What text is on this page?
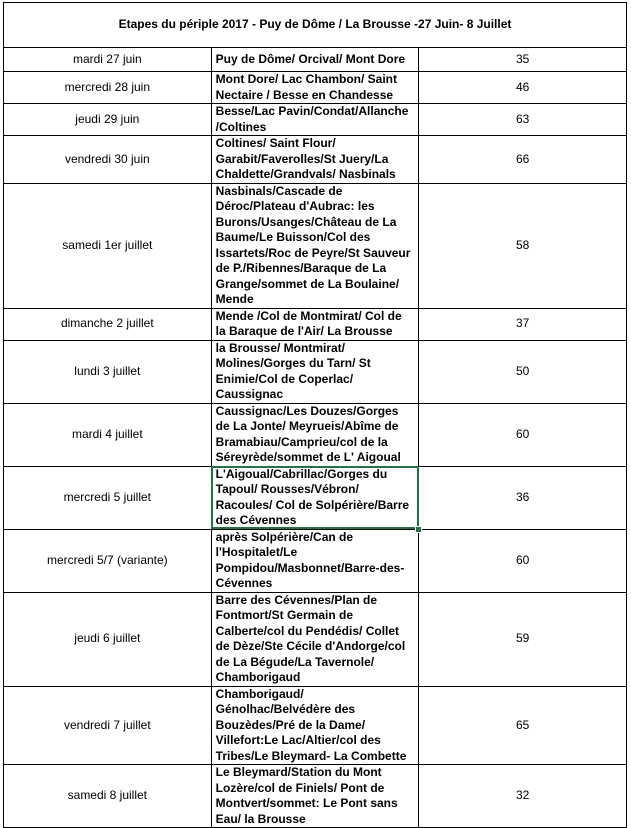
Etapes du périple 2017 - Puy de Dôme / La Brousse -27 Juin- 8 Juillet		
mardi 27 juin	Puy de Dôme/ Orcival/ Mont Dore	35
mercredi 28 juin	Mont Dore/ Lac Chambon/ Saint Nectaire / Besse en Chandesse	46
jeudi 29 juin	Besse/Lac Pavin/Condat/Allanche /Coltines	63
vendredi 30 juin	Coltines/ Saint Flour/ Garabit/Faverolles/St Juery/La Chaldette/Grandvals/ Nasbinals	66
samedi 1er juillet	Nasbinals/Cascade de Déroc/Plateau d'Aubrac: les Burons/Usanges/Château de La Baume/Le Buisson/Col des Issartets/Roc de Peyre/St Sauveur de P./Ribennes/Baraque de La Grange/sommet de La Boulaine/ Mende	58
dimanche 2 juillet	Mende /Col de Montmirat/ Col de la Baraque de l'Air/ La Brousse	37
lundi 3 juillet	la Brousse/ Montmirat/ Molines/Gorges du Tarn/ St Enimie/Col de Coperlac/ Caussignac	50
mardi 4 juillet	Caussignac/Les Douzes/Gorges de La Jonte/ Meyrueis/Abîme de Bramabiau/Camprieu/col de la Séreyrède/sommet de L' Aigoual	60
mercredi 5 juillet	L'Aigoual/Cabrillac/Gorges du Tapoul/ Rousses/Vébron/ Racoules/ Col de Solpérière/Barre des Cévennes	36
mercredi 5/7 (variante)	après Solpérière/Can de l'Hospitalet/Le Pompidou/Masbonnet/Barre-des-Cévennes	60
jeudi 6 juillet	Barre des Cévennes/Plan de Fontmort/St Germain de Calberte/col du Pendédis/ Collet de Dèze/Ste Cécile d'Andorge/col de La Bégude/La Tavernole/ Chamborigaud	59
vendredi 7 juillet	Chamborigaud/ Génolhac/Belvédère des Bouzèdes/Pré de la Dame/ Villefort:Le Lac/Altier/col des Tribes/Le Bleymard- La Combette	65
samedi 8 juillet	Le Bleymard/Station du Mont Lozère/col de Finiels/ Pont de Montvert/sommet: Le Pont sans Eau/ la Brousse	32
